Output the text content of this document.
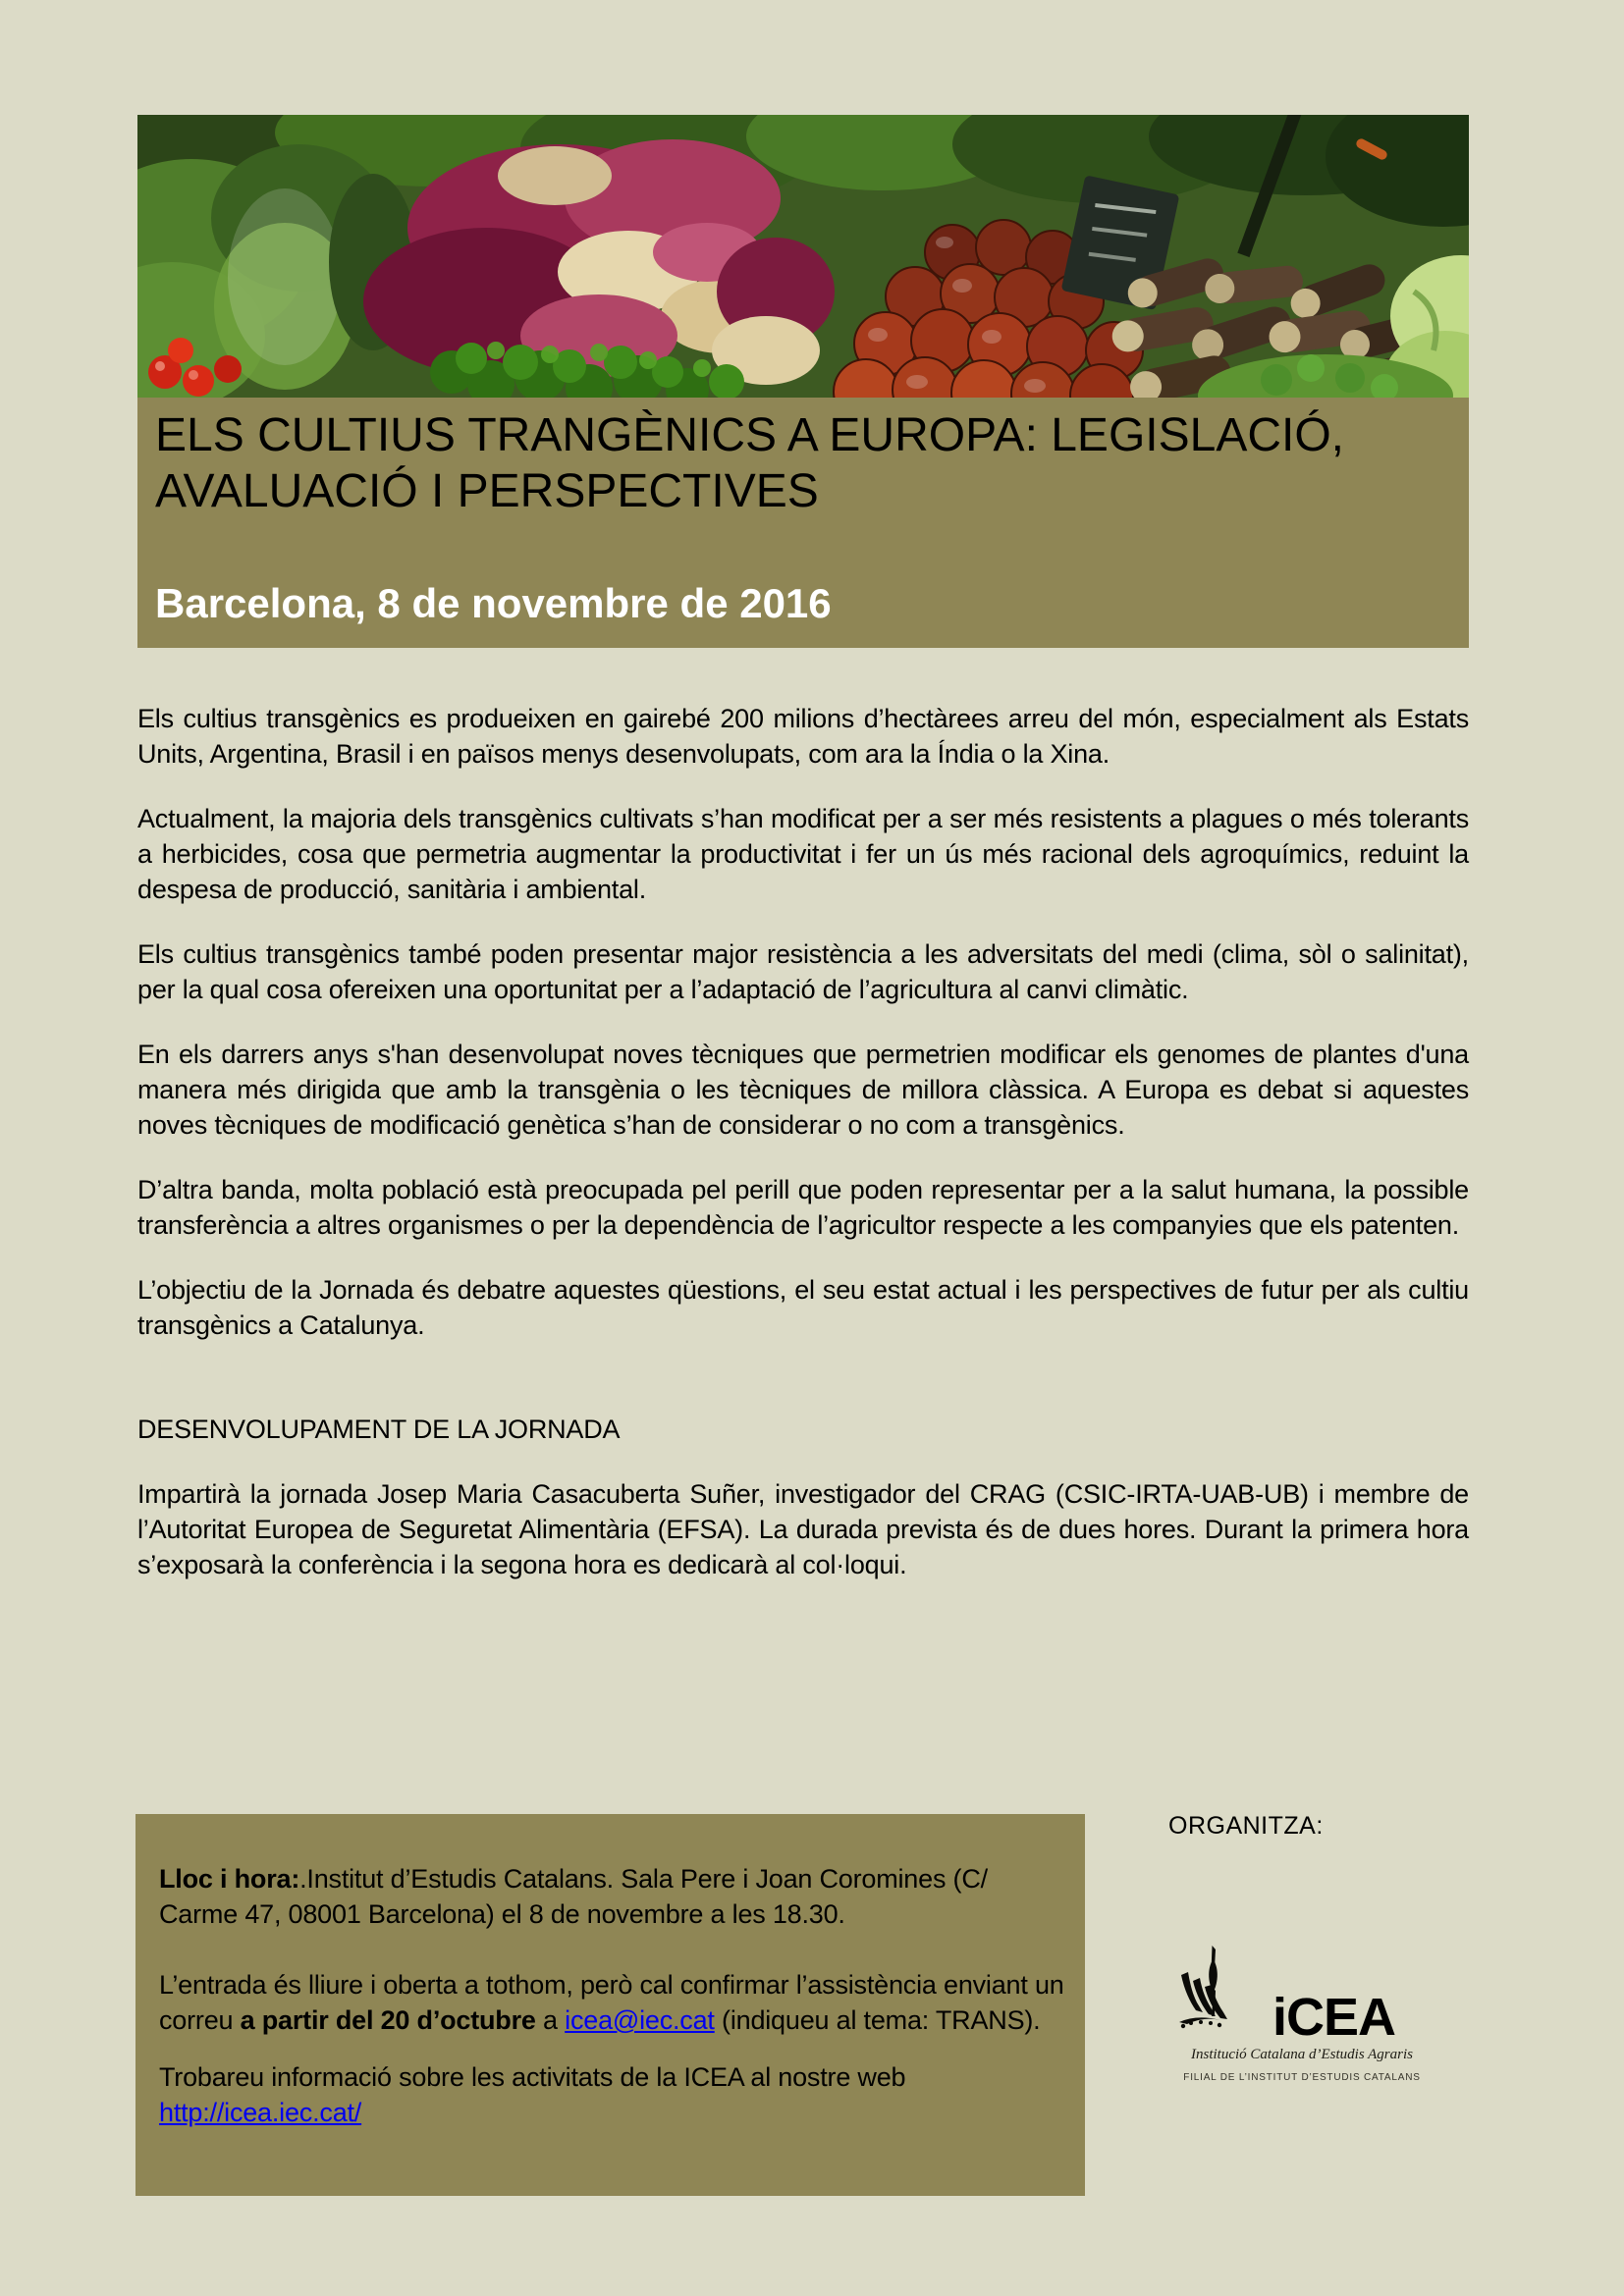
ELS CULTIUS TRANGÈNICS A EUROPA: LEGISLACIÓ, AVALUACIÓ I PERSPECTIVES
Barcelona, 8 de novembre de 2016

Els cultius transgènics es produeixen en gairebé 200 milions d’hectàrees arreu del món, especialment als Estats Units, Argentina, Brasil i en països menys desenvolupats, com ara la Índia o la Xina.

Actualment, la majoria dels transgènics cultivats s’han modificat per a ser més resistents a plagues o més tolerants a herbicides, cosa que permetria augmentar la productivitat i fer un ús més racional dels agroquímics, reduint la despesa de producció, sanitària i ambiental.

Els cultius transgènics també poden presentar major resistència a les adversitats del medi (clima, sòl o salinitat), per la qual cosa ofereixen una oportunitat per a l’adaptació de l’agricultura al canvi climàtic.

En els darrers anys s'han desenvolupat noves tècniques que permetrien modificar els genomes de plantes d'una manera més dirigida que amb la transgènia o les tècniques de millora clàssica. A Europa es debat si aquestes noves tècniques de modificació genètica s’han de considerar o no com a transgènics.

D’altra banda, molta població està preocupada pel perill que poden representar per a la salut humana, la possible transferència a altres organismes o per la dependència de l’agricultor respecte a les companyies que els patenten.

L’objectiu de la Jornada és debatre aquestes qüestions, el seu estat actual i les perspectives de futur per als cultiu transgènics a Catalunya.

DESENVOLUPAMENT DE LA JORNADA

Impartirà la jornada Josep Maria Casacuberta Suñer, investigador del CRAG (CSIC-IRTA-UAB-UB) i membre de l’Autoritat Europea de Seguretat Alimentària (EFSA). La durada prevista és de dues hores. Durant la primera hora s’exposarà la conferència i la segona hora es dedicarà al col·loqui.

Lloc i hora:.Institut d’Estudis Catalans. Sala Pere i Joan Coromines (C/ Carme 47, 08001 Barcelona) el 8 de novembre a les 18.30.

L’entrada és lliure i oberta a tothom, però cal confirmar l’assistència enviant un correu a partir del 20 d’octubre a icea@iec.cat (indiqueu al tema: TRANS).

Trobareu informació sobre les activitats de la ICEA al nostre web
http://icea.iec.cat/

ORGANITZA:
iCEA
Institució Catalana d’Estudis Agraris
FILIAL DE L’INSTITUT D’ESTUDIS CATALANS
